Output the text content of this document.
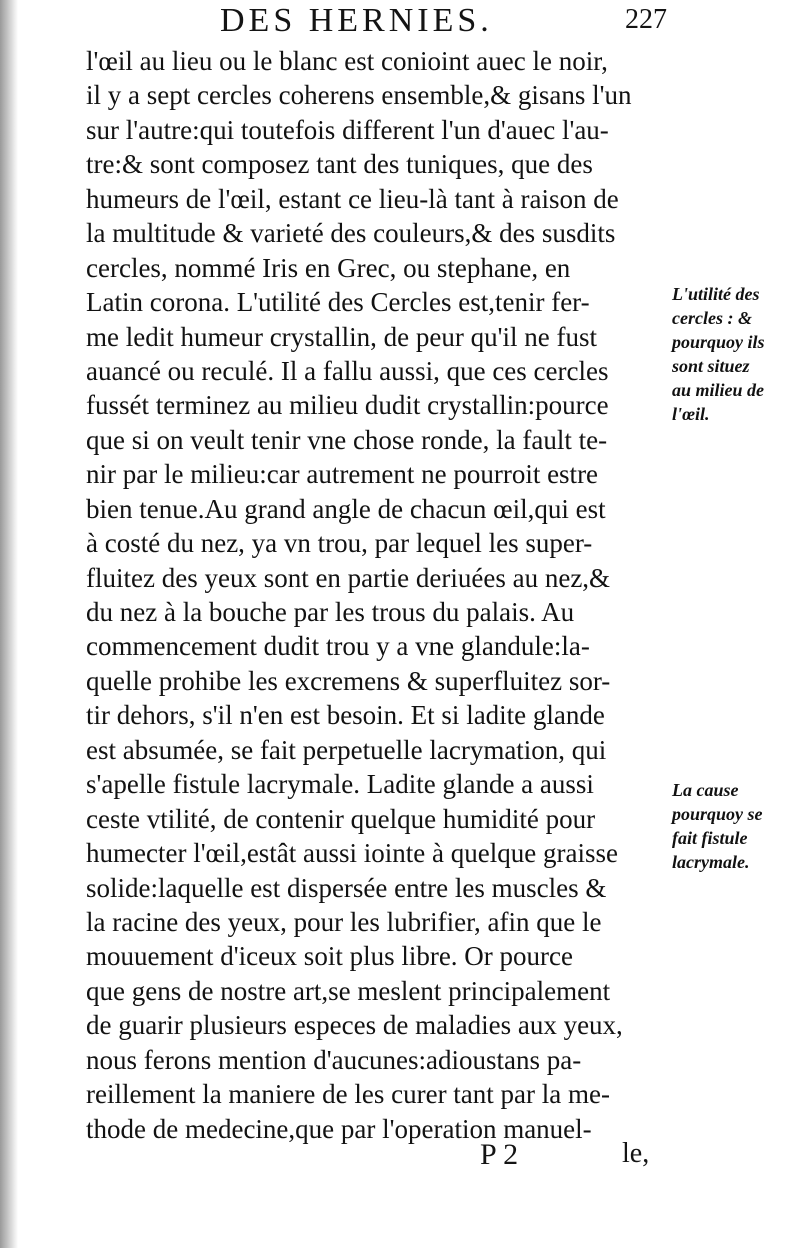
DES HERNIES.	227
l'œil au lieu ou le blanc est conioint auec le noir,
il y a sept cercles coherens ensemble,& gisans l'un
sur l'autre:qui toutefois different l'un d'auec l'au-
tre:& sont composez tant des tuniques, que des
humeurs de l'œil, estant ce lieu-là tant à raison de
la multitude & varieté des couleurs,& des susdits
cercles, nommé Iris en Grec, ou stephane, en
Latin corona. L'utilité des Cercles est,tenir fer-
me ledit humeur crystallin, de peur qu'il ne fust
auancé ou reculé. Il a fallu aussi, que ces cercles
fussét terminez au milieu dudit crystallin:pource
que si on veult tenir vne chose ronde, la fault te-
nir par le milieu:car autrement ne pourroit estre
bien tenue.Au grand angle de chacun œil,qui est
à costé du nez, ya vn trou, par lequel les super-
fluitez des yeux sont en partie deriuées au nez,&
du nez à la bouche par les trous du palais. Au
commencement dudit trou y a vne glandule:la-
quelle prohibe les excremens & superfluitez sor-
tir dehors, s'il n'en est besoin. Et si ladite glande
est absumée, se fait perpetuelle lacrymation, qui
s'apelle fistule lacrymale. Ladite glande a aussi
ceste vtilité, de contenir quelque humidité pour
humecter l'œil,estât aussi iointe à quelque graisse
solide:laquelle est dispersée entre les muscles &
la racine des yeux, pour les lubrifier, afin que le
mouuement d'iceux soit plus libre. Or pource
que gens de nostre art,se meslent principalement
de guarir plusieurs especes de maladies aux yeux,
nous ferons mention d'aucunes:adioustans pa-
reillement la maniere de les curer tant par la me-
thode de medecine,que par l'operation manuel-
L'utilité des
cercles : &
pourquoy ils
sont situez
au milieu de
l'œil.
La cause
pourquoy se
fait fistule
lacrymale.
P 2	le,
